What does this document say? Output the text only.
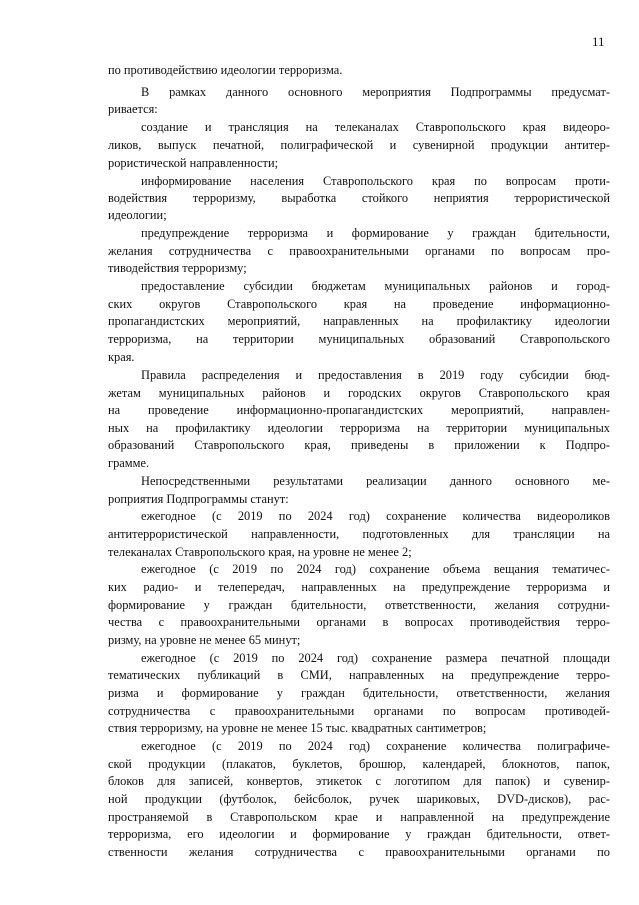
11
по противодействию идеологии терроризма.
В рамках данного основного мероприятия Подпрограммы предусмат-
ривается:
создание и трансляция на телеканалах Ставропольского края видеоро-
ликов, выпуск печатной, полиграфической и сувенирной продукции антитер-
рористической направленности;
информирование населения Ставропольского края по вопросам проти-
водействия терроризму, выработка стойкого неприятия террористической
идеологии;
предупреждение терроризма и формирование у граждан бдительности,
желания сотрудничества с правоохранительными органами по вопросам про-
тиводействия терроризму;
предоставление субсидии бюджетам муниципальных районов и город-
ских округов Ставропольского края на проведение информационно-
пропагандистских мероприятий, направленных на профилактику идеологии
терроризма, на территории муниципальных образований Ставропольского
края.
Правила распределения и предоставления в 2019 году субсидии бюд-
жетам муниципальных районов и городских округов Ставропольского края
на проведение информационно-пропагандистских мероприятий, направлен-
ных на профилактику идеологии терроризма на территории муниципальных
образований Ставропольского края, приведены в приложении к Подпро-
грамме.
Непосредственными результатами реализации данного основного ме-
роприятия Подпрограммы станут:
ежегодное (с 2019 по 2024 год) сохранение количества видеороликов
антитеррористической направленности, подготовленных для трансляции на
телеканалах Ставропольского края, на уровне не менее 2;
ежегодное (с 2019 по 2024 год) сохранение объема вещания тематичес-
ких радио- и телепередач, направленных на предупреждение терроризма и
формирование у граждан бдительности, ответственности, желания сотрудни-
чества с правоохранительными органами в вопросах противодействия терро-
ризму, на уровне не менее 65 минут;
ежегодное (с 2019 по 2024 год) сохранение размера печатной площади
тематических публикаций в СМИ, направленных на предупреждение терро-
ризма и формирование у граждан бдительности, ответственности, желания
сотрудничества с правоохранительными органами по вопросам противодей-
ствия терроризму, на уровне не менее 15 тыс. квадратных сантиметров;
ежегодное (с 2019 по 2024 год) сохранение количества полиграфиче-
ской продукции (плакатов, буклетов, брошюр, календарей, блокнотов, папок,
блоков для записей, конвертов, этикеток с логотипом для папок) и сувенир-
ной продукции (футболок, бейсболок, ручек шариковых, DVD-дисков), рас-
пространяемой в Ставропольском крае и направленной на предупреждение
терроризма, его идеологии и формирование у граждан бдительности, ответ-
ственности желания сотрудничества с правоохранительными органами по
